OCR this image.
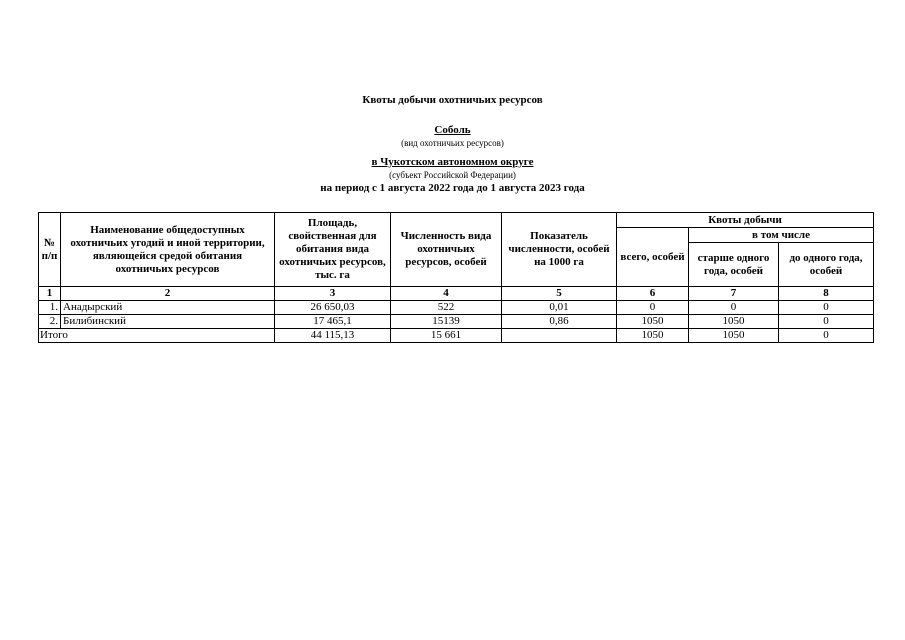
Квоты добычи охотничьих ресурсов
Соболь
(вид охотничьих ресурсов)
в Чукотском автономном округе
(субъект Российской Федерации)
на период с 1 августа 2022 года до 1 августа 2023 года
№ п/п	Наименование общедоступных охотничьих угодий и иной территории, являющейся средой обитания охотничьих ресурсов	Площадь, свойственная для обитания вида охотничьих ресурсов, тыс. га	Численность вида охотничьих ресурсов, особей	Показатель численности, особей на 1000 га	Квоты добычи		
					всего, особей	в том числе	
						старше одного года, особей	до одного года, особей
1	2	3	4	5	6	7	8
1.	Анадырский	26 650,03	522	0,01	0	0	0
2.	Билибинский	17 465,1	15139	0,86	1050	1050	0
Итого		44 115,13	15 661		1050	1050	0
